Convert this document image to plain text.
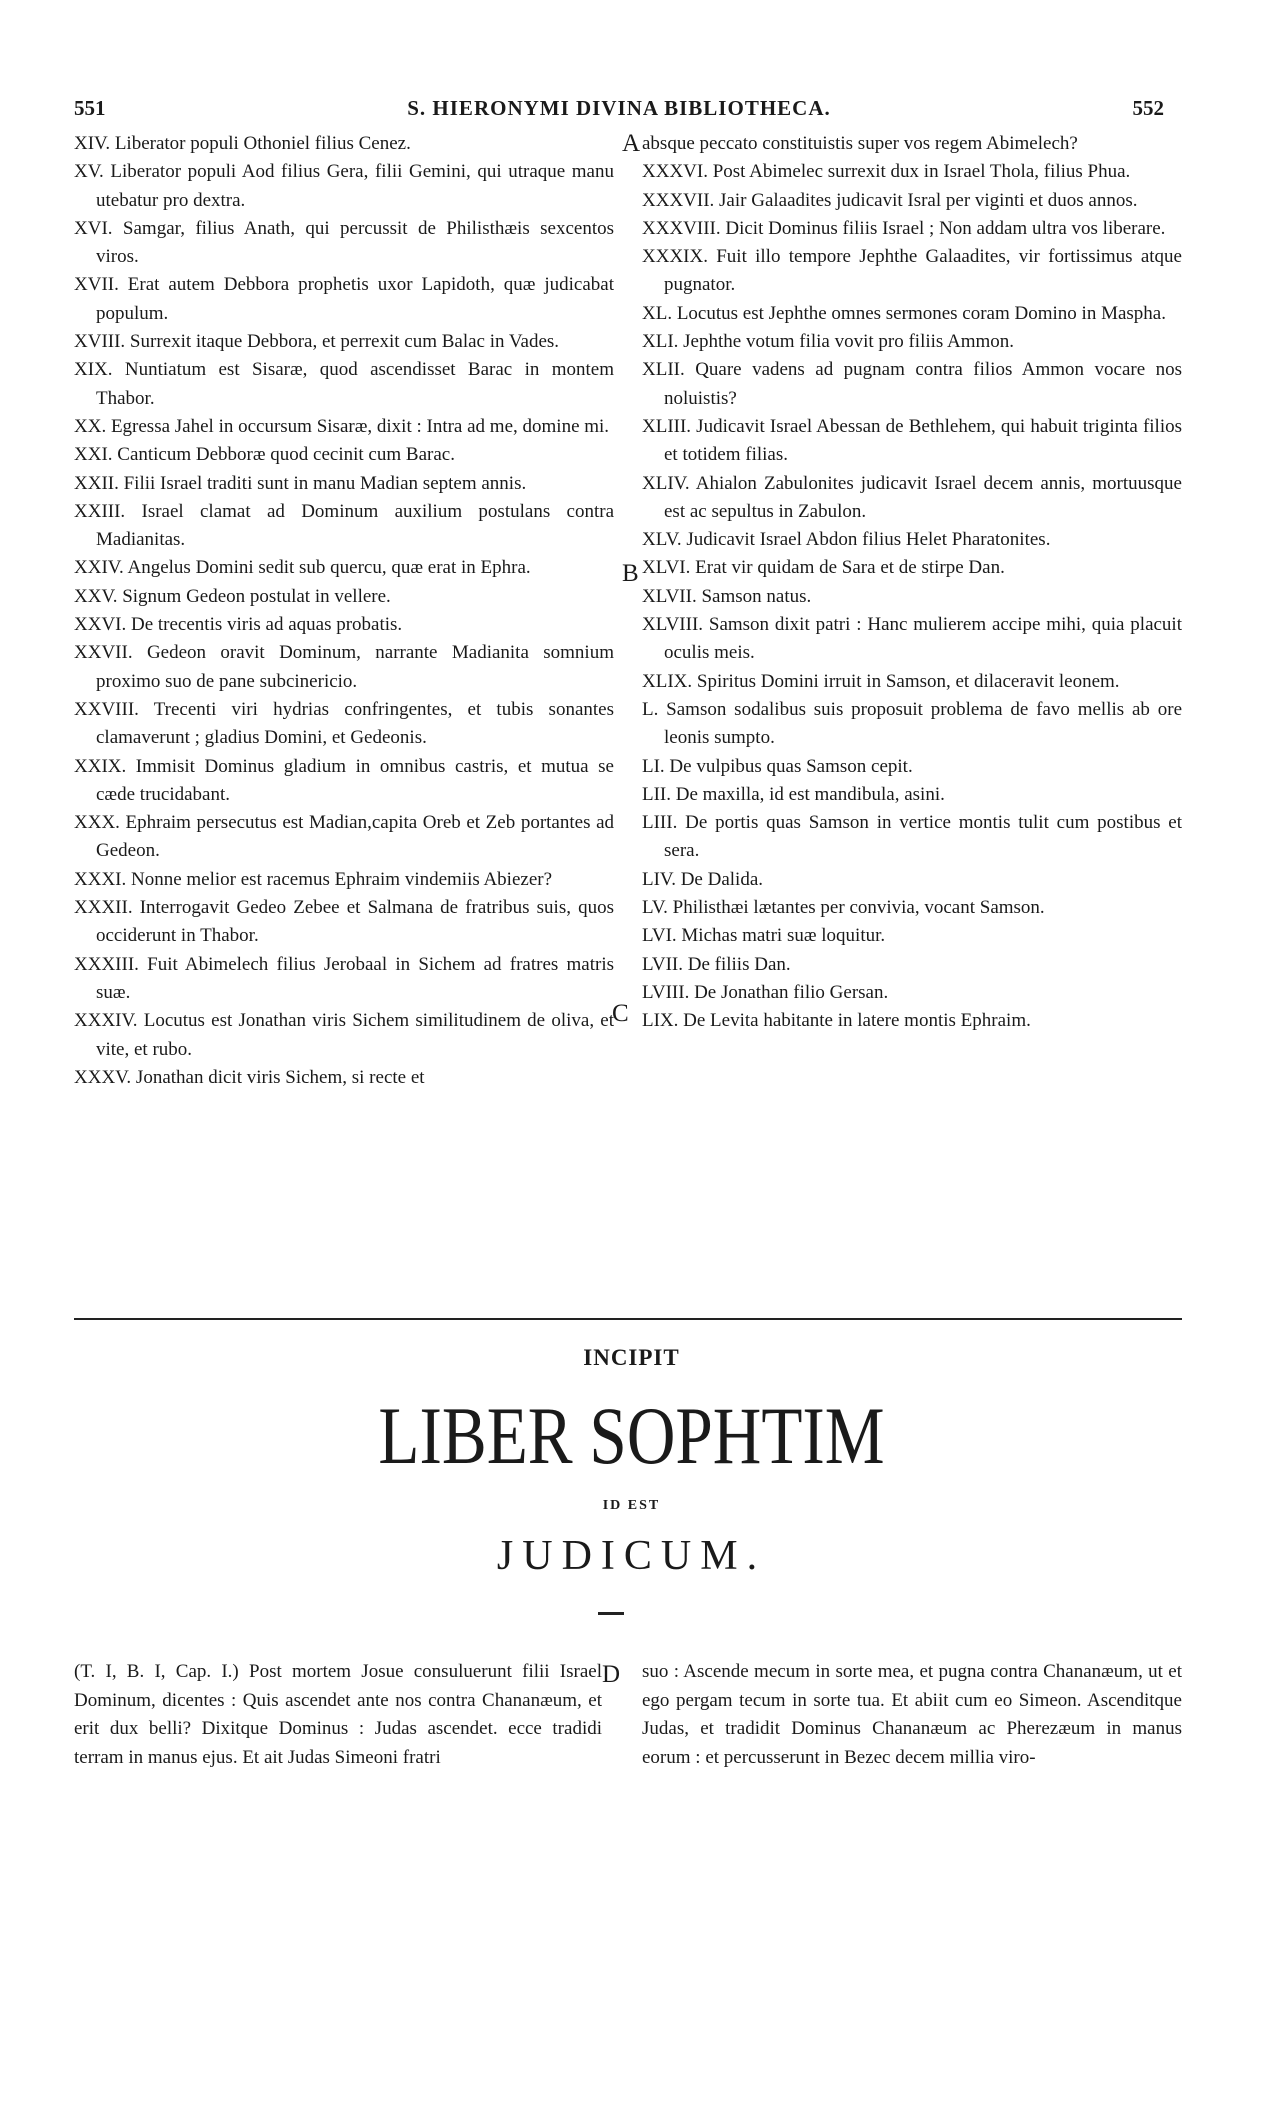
551	S. HIERONYMI DIVINA BIBLIOTHECA.	552
XIV. Liberator populi Othoniel filius Cenez.
XV. Liberator populi Aod filius Gera, filii Gemini, qui utraque manu utebatur pro dextra.
XVI. Samgar, filius Anath, qui percussit de Philisthæis sexcentos viros.
XVII. Erat autem Debbora prophetis uxor Lapidoth, quæ judicabat populum.
XVIII. Surrexit itaque Debbora, et perrexit cum Balac in Vades.
XIX. Nuntiatum est Sisaræ, quod ascendisset Barac in montem Thabor.
XX. Egressa Jahel in occursum Sisaræ, dixit : Intra ad me, domine mi.
XXI. Canticum Debboræ quod cecinit cum Barac.
XXII. Filii Israel traditi sunt in manu Madian septem annis.
XXIII. Israel clamat ad Dominum auxilium postulans contra Madianitas.
XXIV. Angelus Domini sedit sub quercu, quæ erat in Ephra.
XXV. Signum Gedeon postulat in vellere.
XXVI. De trecentis viris ad aquas probatis.
XXVII. Gedeon oravit Dominum, narrante Madianita somnium proximo suo de pane subcinericio.
XXVIII. Trecenti viri hydrias confringentes, et tubis sonantes clamaverunt ; gladius Domini, et Gedeonis.
XXIX. Immisit Dominus gladium in omnibus castris, et mutua se cæde trucidabant.
XXX. Ephraim persecutus est Madian,capita Oreb et Zeb portantes ad Gedeon.
XXXI. Nonne melior est racemus Ephraim vindemiis Abiezer?
XXXII. Interrogavit Gedeo Zebee et Salmana de fratribus suis, quos occiderunt in Thabor.
XXXIII. Fuit Abimelech filius Jerobaal in Sichem ad fratres matris suæ.
XXXIV. Locutus est Jonathan viris Sichem similitudinem de oliva, et vite, et rubo.
XXXV. Jonathan dicit viris Sichem, si recte et
absque peccato constituistis super vos regem Abimelech?
XXXVI. Post Abimelec surrexit dux in Israel Thola, filius Phua.
XXXVII. Jair Galaadites judicavit Isral per viginti et duos annos.
XXXVIII. Dicit Dominus filiis Israel ; Non addam ultra vos liberare.
XXXIX. Fuit illo tempore Jephthe Galaadites, vir fortissimus atque pugnator.
XL. Locutus est Jephthe omnes sermones coram Domino in Maspha.
XLI. Jephthe votum filia vovit pro filiis Ammon.
XLII. Quare vadens ad pugnam contra filios Ammon vocare nos noluistis?
XLIII. Judicavit Israel Abessan de Bethlehem, qui habuit triginta filios et totidem filias.
XLIV. Ahialon Zabulonites judicavit Israel decem annis, mortuusque est ac sepultus in Zabulon.
XLV. Judicavit Israel Abdon filius Helet Pharatonites.
XLVI. Erat vir quidam de Sara et de stirpe Dan.
XLVII. Samson natus.
XLVIII. Samson dixit patri : Hanc mulierem accipe mihi, quia placuit oculis meis.
XLIX. Spiritus Domini irruit in Samson, et dilaceravit leonem.
L. Samson sodalibus suis proposuit problema de favo mellis ab ore leonis sumpto.
LI. De vulpibus quas Samson cepit.
LII. De maxilla, id est mandibula, asini.
LIII. De portis quas Samson in vertice montis tulit cum postibus et sera.
LIV. De Dalida.
LV. Philisthæi lætantes per convivia, vocant Samson.
LVI. Michas matri suæ loquitur.
LVII. De filiis Dan.
LVIII. De Jonathan filio Gersan.
LIX. De Levita habitante in latere montis Ephraim.
A
B
C
D
INCIPIT
LIBER SOPHTIM
ID EST
JUDICUM.
(T. I, B. I, Cap. I.) Post mortem Josue consuluerunt filii Israel Dominum, dicentes : Quis ascendet ante nos contra Chananæum, et erit dux belli? Dixitque Dominus : Judas ascendet. ecce tradidi terram in manus ejus. Et ait Judas Simeoni fratri
suo : Ascende mecum in sorte mea, et pugna contra Chananæum, ut et ego pergam tecum in sorte tua. Et abiit cum eo Simeon. Ascenditque Judas, et tradidit Dominus Chananæum ac Pherezæum in manus eorum : et percusserunt in Bezec decem millia viro-
